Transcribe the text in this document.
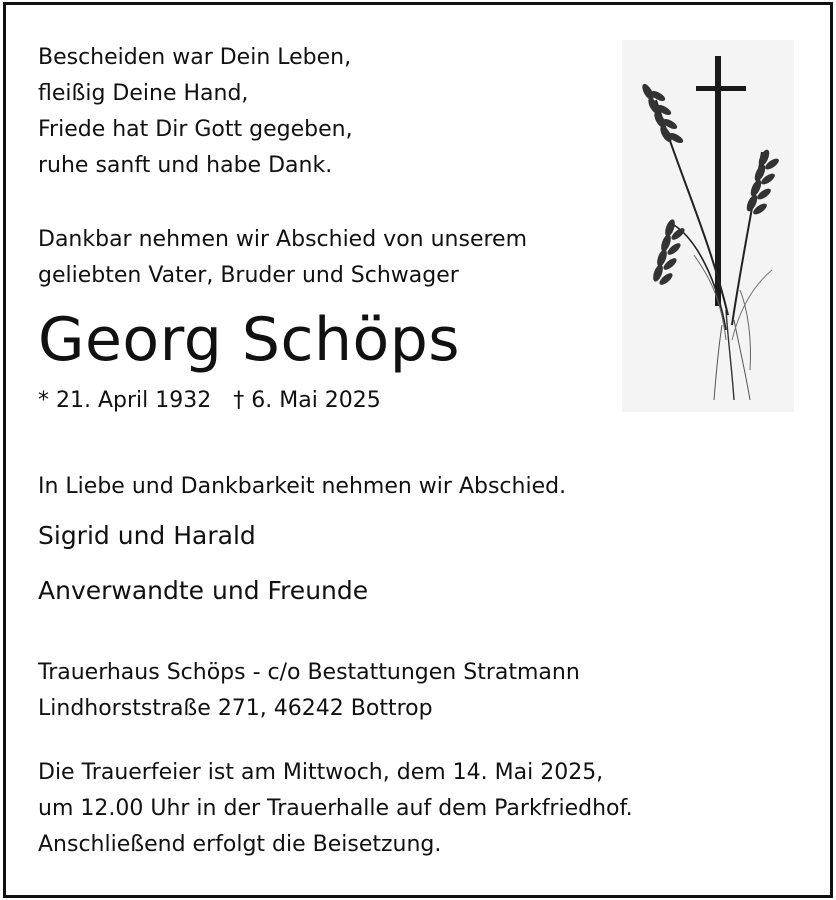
Bescheiden war Dein Leben,
fleißig Deine Hand,
Friede hat Dir Gott gegeben,
ruhe sanft und habe Dank.
Dankbar nehmen wir Abschied von unserem
geliebten Vater, Bruder und Schwager
Georg Schöps
* 21. April 1932 † 6. Mai 2025
In Liebe und Dankbarkeit nehmen wir Abschied.
Sigrid und Harald
Anverwandte und Freunde
Trauerhaus Schöps - c/o Bestattungen Stratmann
Lindhorststraße 271, 46242 Bottrop
Die Trauerfeier ist am Mittwoch, dem 14. Mai 2025,
um 12.00 Uhr in der Trauerhalle auf dem Parkfriedhof.
Anschließend erfolgt die Beisetzung.
